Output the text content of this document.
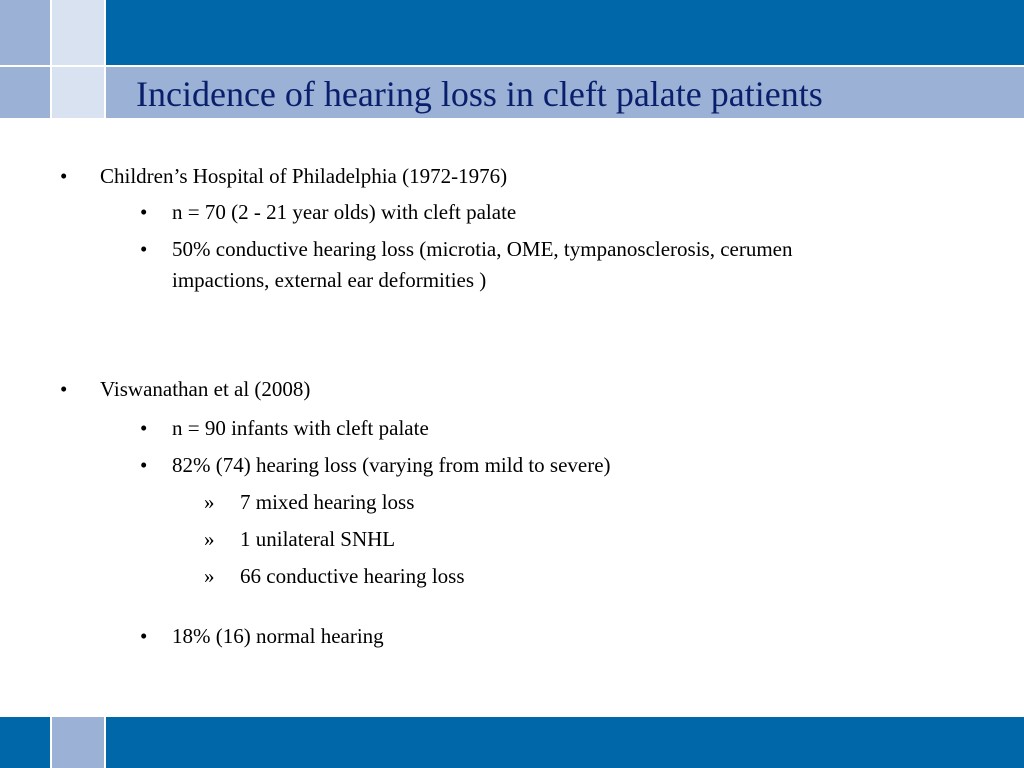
Incidence of hearing loss in cleft palate patients
• Children’s Hospital of Philadelphia (1972-1976)
• n = 70 (2 - 21 year olds) with cleft palate
• 50% conductive hearing loss (microtia, OME, tympanosclerosis, cerumen
impactions, external ear deformities )
• Viswanathan et al (2008)
• n = 90 infants with cleft palate
• 82% (74) hearing loss (varying from mild to severe)
» 7 mixed hearing loss
» 1 unilateral SNHL
» 66 conductive hearing loss
• 18% (16) normal hearing
